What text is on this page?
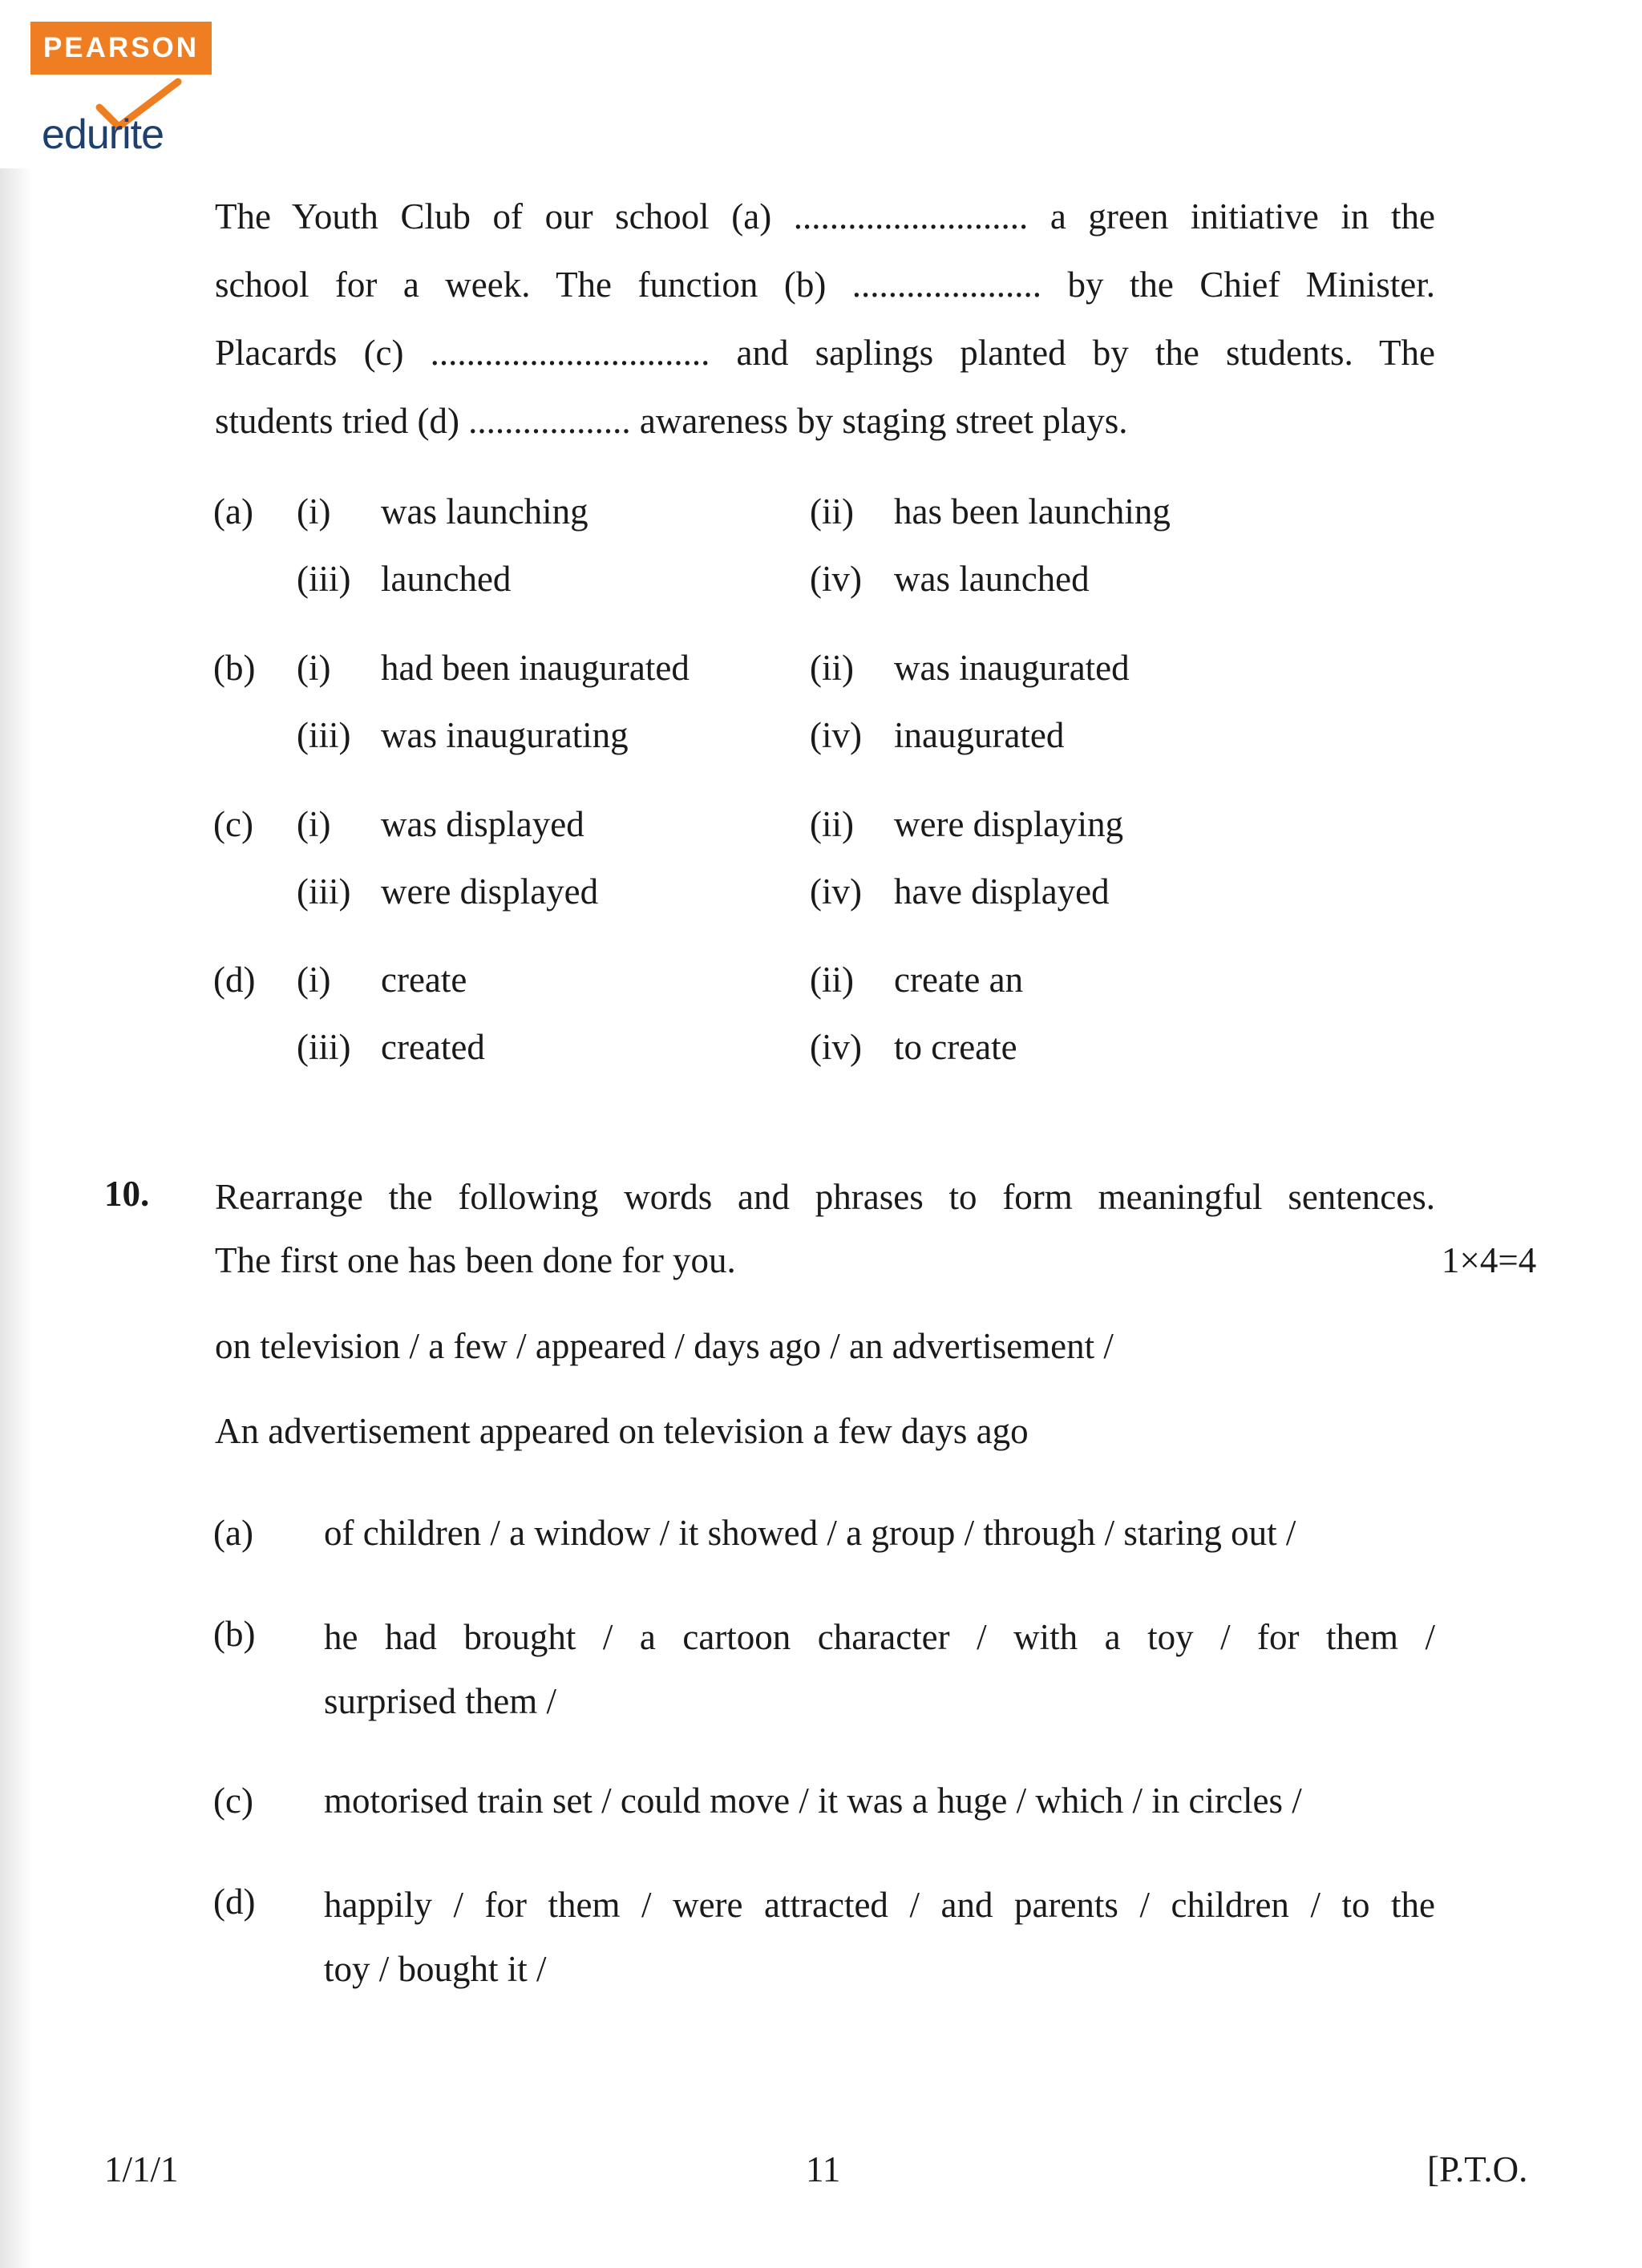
PEARSON
edurite
The Youth Club of our school (a) .......................... a green initiative in the
school for a week. The function (b) ..................... by the Chief Minister.
Placards (c) ............................... and saplings planted by the students. The
students tried (d) .................. awareness by staging street plays.
(a) (i) was launching	(ii) has been launching
(iii) launched	(iv) was launched
(b) (i) had been inaugurated	(ii) was inaugurated
(iii) was inaugurating	(iv) inaugurated
(c) (i) was displayed	(ii) were displaying
(iii) were displayed	(iv) have displayed
(d) (i) create	(ii) create an
(iii) created	(iv) to create
10. Rearrange the following words and phrases to form meaningful sentences.
The first one has been done for you.	1×4=4
on television / a few / appeared / days ago / an advertisement /
An advertisement appeared on television a few days ago
(a) of children / a window / it showed / a group / through / staring out /
(b) he had brought / a cartoon character / with a toy / for them /
surprised them /
(c) motorised train set / could move / it was a huge / which / in circles /
(d) happily / for them / were attracted / and parents / children / to the
toy / bought it /
1/1/1	11	[P.T.O.
